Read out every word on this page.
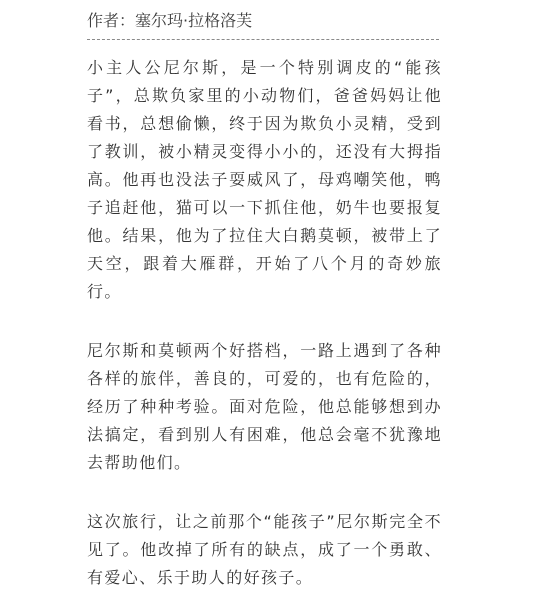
作者：塞尔玛·拉格洛芙

小主人公尼尔斯，是一个特别调皮的“能孩子”，总欺负家里的小动物们，爸爸妈妈让他看书，总想偷懒，终于因为欺负小灵精，受到了教训，被小精灵变得小小的，还没有大拇指高。他再也没法子耍威风了，母鸡嘲笑他，鸭子追赶他，猫可以一下抓住他，奶牛也要报复他。结果，他为了拉住大白鹅莫顿，被带上了天空，跟着大雁群，开始了八个月的奇妙旅行。

尼尔斯和莫顿两个好搭档，一路上遇到了各种各样的旅伴，善良的，可爱的，也有危险的，经历了种种考验。面对危险，他总能够想到办法搞定，看到别人有困难，他总会毫不犹豫地去帮助他们。

这次旅行，让之前那个“能孩子”尼尔斯完全不见了。他改掉了所有的缺点，成了一个勇敢、有爱心、乐于助人的好孩子。
